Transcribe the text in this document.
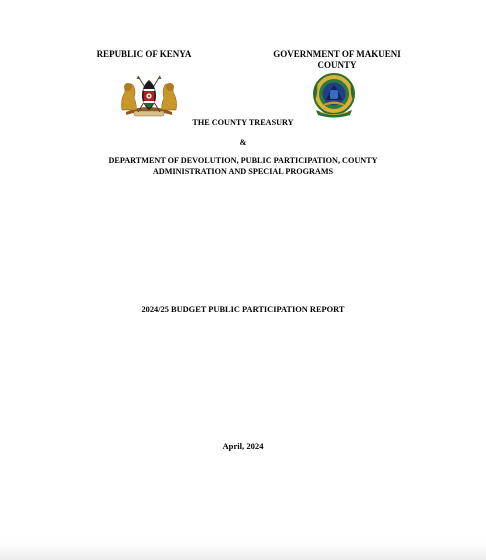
REPUBLIC OF KENYA	GOVERNMENT OF MAKUENI
COUNTY
THE COUNTY TREASURY
&
DEPARTMENT OF DEVOLUTION, PUBLIC PARTICIPATION, COUNTY
ADMINISTRATION AND SPECIAL PROGRAMS
2024/25 BUDGET PUBLIC PARTICIPATION REPORT
April, 2024
